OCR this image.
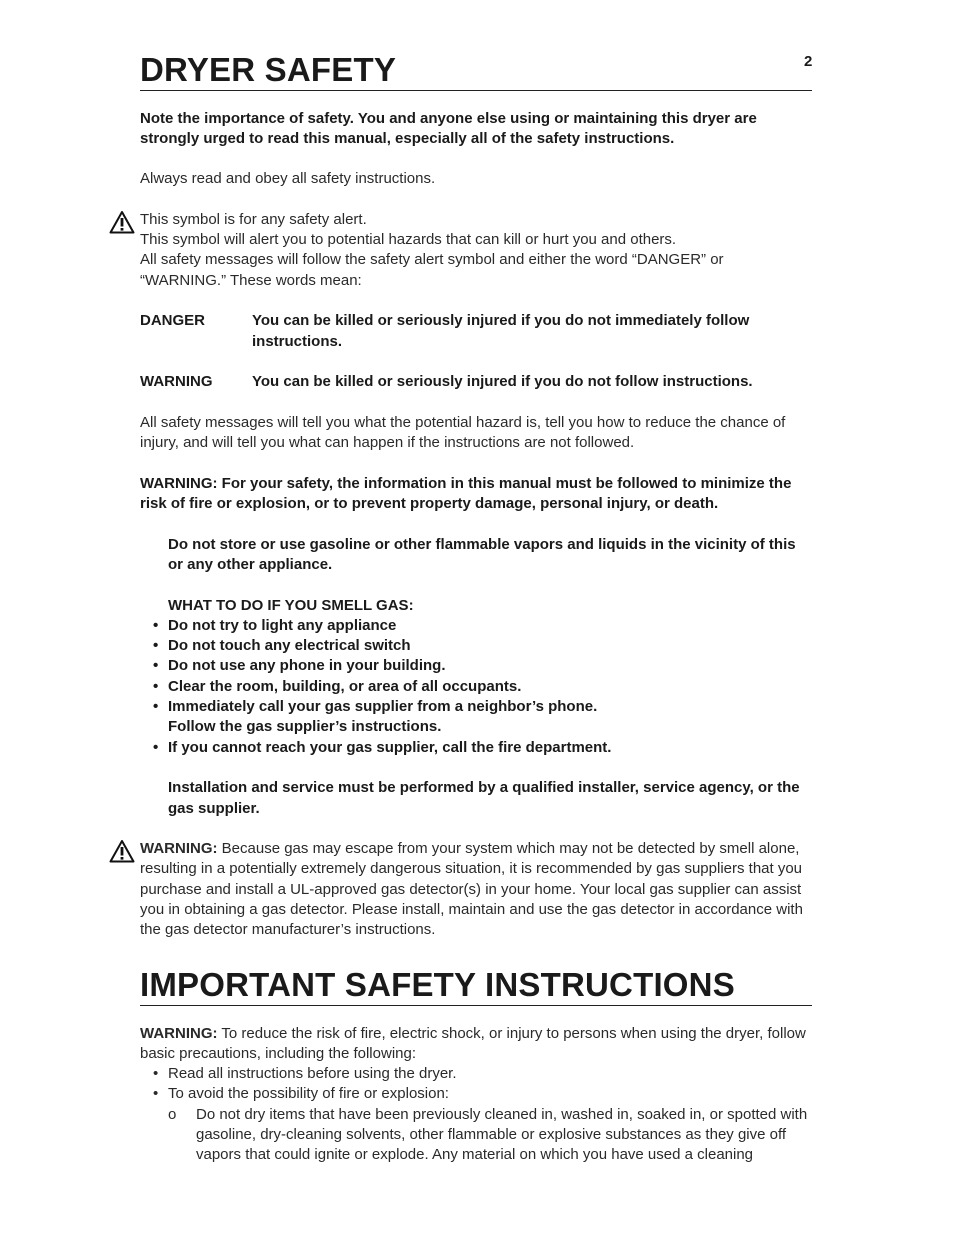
2
DRYER SAFETY
Note the importance of safety. You and anyone else using or maintaining this dryer are strongly urged to read this manual, especially all of the safety instructions.

Always read and obey all safety instructions.

This symbol is for any safety alert.

This symbol will alert you to potential hazards that can kill or hurt you and others.

All safety messages will follow the safety alert symbol and either the word “DANGER” or “WARNING.” These words mean:

DANGER	You can be killed or seriously injured if you do not immediately follow instructions.
WARNING	You can be killed or seriously injured if you do not follow instructions.

All safety messages will tell you what the potential hazard is, tell you how to reduce the chance of injury, and will tell you what can happen if the instructions are not followed.

WARNING: For your safety, the information in this manual must be followed to minimize the risk of fire or explosion, or to prevent property damage, personal injury, or death.

Do not store or use gasoline or other flammable vapors and liquids in the vicinity of this or any other appliance.

WHAT TO DO IF YOU SMELL GAS:

• Do not try to light any appliance
• Do not touch any electrical switch
• Do not use any phone in your building.
• Clear the room, building, or area of all occupants.
• Immediately call your gas supplier from a neighbor’s phone.
Follow the gas supplier’s instructions.
• If you cannot reach your gas supplier, call the fire department.

Installation and service must be performed by a qualified installer, service agency, or the gas supplier.

WARNING: Because gas may escape from your system which may not be detected by smell alone, resulting in a potentially extremely dangerous situation, it is recommended by gas suppliers that you purchase and install a UL-approved gas detector(s) in your home. Your local gas supplier can assist you in obtaining a gas detector. Please install, maintain and use the gas detector in accordance with the gas detector manufacturer’s instructions.

IMPORTANT SAFETY INSTRUCTIONS

WARNING: To reduce the risk of fire, electric shock, or injury to persons when using the dryer, follow basic precautions, including the following:

• Read all instructions before using the dryer.
• To avoid the possibility of fire or explosion:
o Do not dry items that have been previously cleaned in, washed in, soaked in, or spotted with gasoline, dry-cleaning solvents, other flammable or explosive substances as they give off vapors that could ignite or explode. Any material on which you have used a cleaning
